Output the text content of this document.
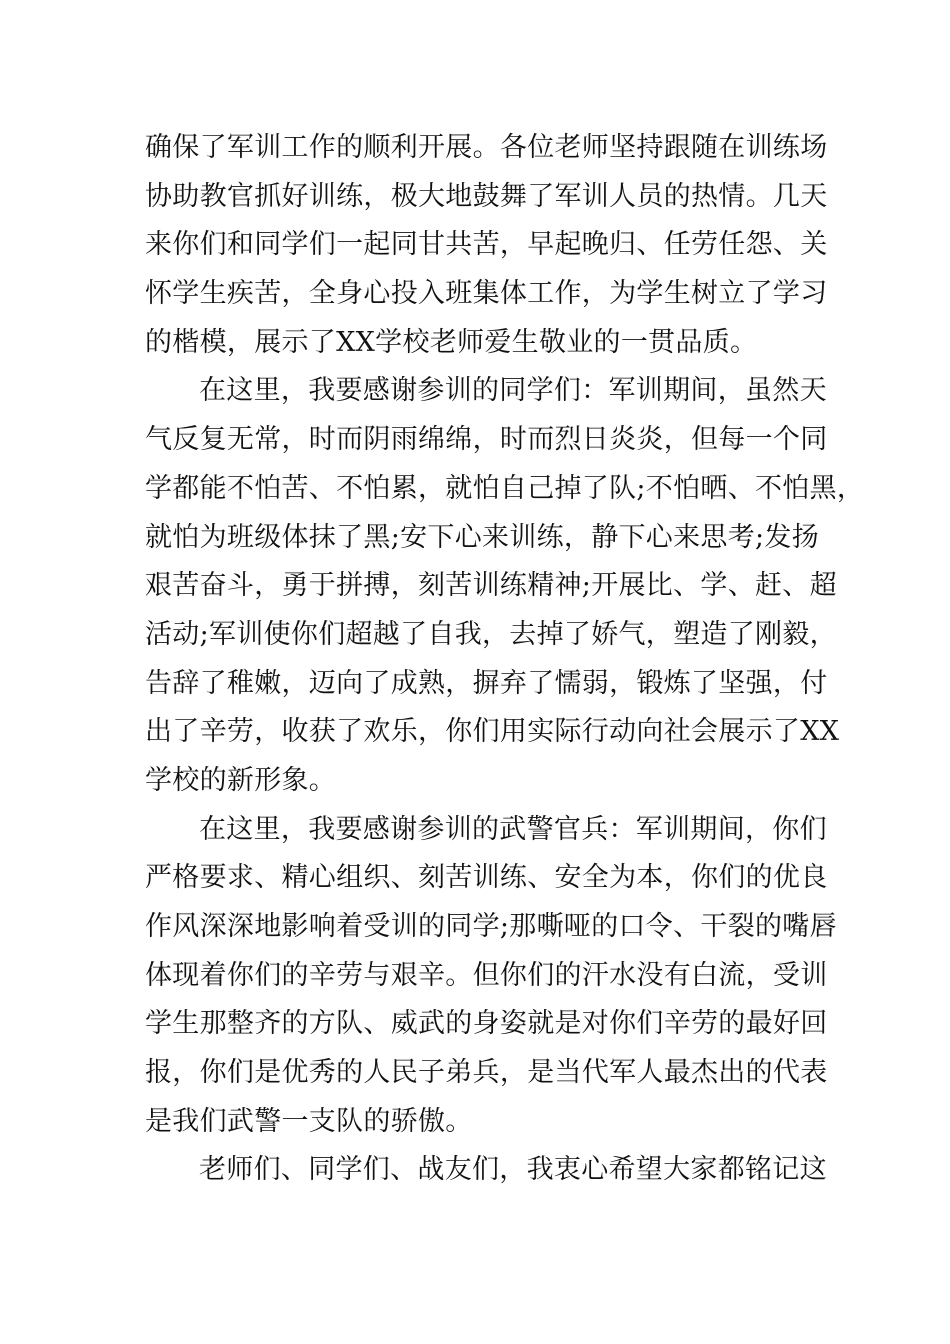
确保了军训工作的顺利开展。各位老师坚持跟随在训练场
协助教官抓好训练，极大地鼓舞了军训人员的热情。几天
来你们和同学们一起同甘共苦，早起晚归、任劳任怨、关
怀学生疾苦，全身心投入班集体工作，为学生树立了学习
的楷模，展示了XX学校老师爱生敬业的一贯品质。
在这里，我要感谢参训的同学们：军训期间，虽然天
气反复无常，时而阴雨绵绵，时而烈日炎炎，但每一个同
学都能不怕苦、不怕累，就怕自己掉了队;不怕晒、不怕黑，
就怕为班级体抹了黑;安下心来训练，静下心来思考;发扬
艰苦奋斗，勇于拼搏，刻苦训练精神;开展比、学、赶、超
活动;军训使你们超越了自我，去掉了娇气，塑造了刚毅，
告辞了稚嫩，迈向了成熟，摒弃了懦弱，锻炼了坚强，付
出了辛劳，收获了欢乐，你们用实际行动向社会展示了XX
学校的新形象。
在这里，我要感谢参训的武警官兵：军训期间，你们
严格要求、精心组织、刻苦训练、安全为本，你们的优良
作风深深地影响着受训的同学;那嘶哑的口令、干裂的嘴唇
体现着你们的辛劳与艰辛。但你们的汗水没有白流，受训
学生那整齐的方队、威武的身姿就是对你们辛劳的最好回
报，你们是优秀的人民子弟兵，是当代军人最杰出的代表
是我们武警一支队的骄傲。
老师们、同学们、战友们，我衷心希望大家都铭记这
